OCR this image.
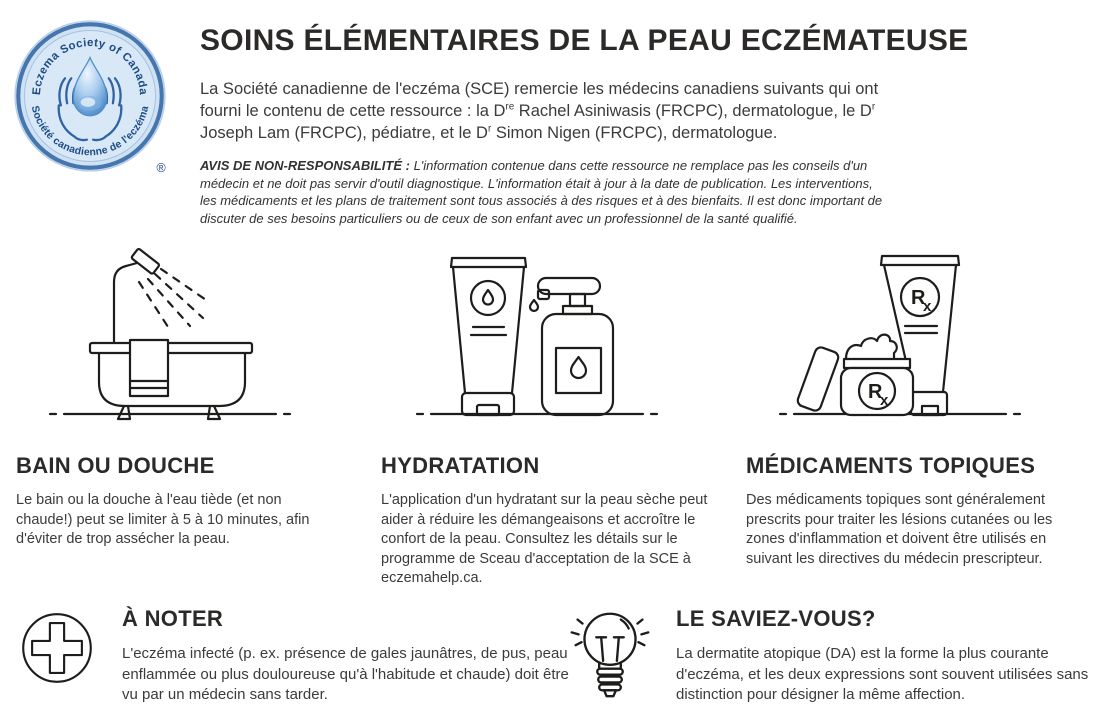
Eczema Society of Canada
Société canadienne de l'eczéma
®
SOINS ÉLÉMENTAIRES DE LA PEAU ECZÉMATEUSE

La Société canadienne de l'eczéma (SCE) remercie les médecins canadiens suivants qui ont fourni le contenu de cette ressource : la Dre Rachel Asiniwasis (FRCPC), dermatologue, le $D^r$ Joseph Lam (FRCPC), pédiatre, et le $D^r$ Simon Nigen (FRCPC), dermatologue.

AVIS DE NON-RESPONSABILITÉ : L'information contenue dans cette ressource ne remplace pas les conseils d'un médecin et ne doit pas servir d'outil diagnostique. L'information était à jour à la date de publication. Les interventions, les médicaments et les plans de traitement sont tous associés à des risques et à des bienfaits. Il est donc important de discuter de ses besoins particuliers ou de ceux de son enfant avec un professionnel de la santé qualifié.

BAIN OU DOUCHE

Le bain ou la douche à l'eau tiède (et non chaude!) peut se limiter à 5 à 10 minutes, afin d'éviter de trop assécher la peau.

HYDRATATION

L'application d'un hydratant sur la peau sèche peut aider à réduire les démangeaisons et accroître le confort de la peau. Consultez les détails sur le programme de Sceau d'acceptation de la SCE à eczemahelp.ca.

R
x
R
x
MÉDICAMENTS TOPIQUES

Des médicaments topiques sont généralement prescrits pour traiter les lésions cutanées ou les zones d'inflammation et doivent être utilisés en suivant les directives du médecin prescripteur.

À NOTER

L'eczéma infecté (p. ex. présence de gales jaunâtres, de pus, peau enflammée ou plus douloureuse qu'à l'habitude et chaude) doit être vu par un médecin sans tarder.

LE SAVIEZ-VOUS?

La dermatite atopique (DA) est la forme la plus courante d'eczéma, et les deux expressions sont souvent utilisées sans distinction pour désigner la même affection.
